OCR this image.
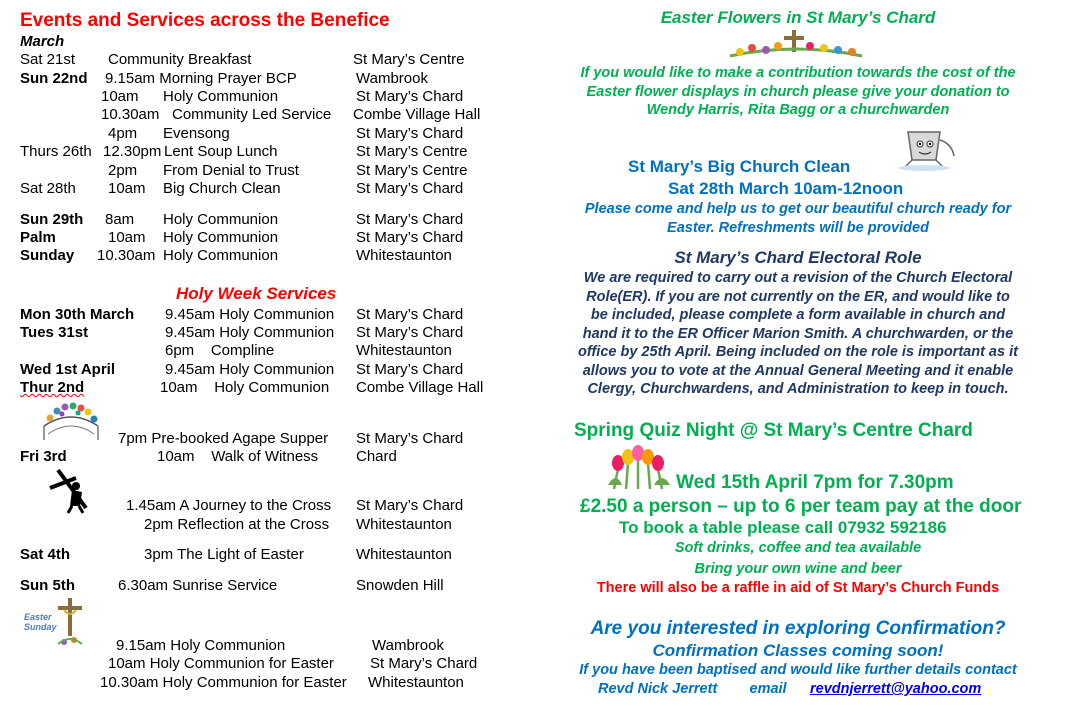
Events and Services across the Benefice
March
Sat 21st Community Breakfast	St Mary’s Centre
Sun 22nd 9.15am Morning Prayer BCP	Wambrook
10am Holy Communion	St Mary’s Chard
10.30am Community Led Service Combe Village Hall
4pm Evensong	St Mary’s Chard
Thurs 26th 12.30pm Lent Soup Lunch	St Mary’s Centre
2pm From Denial to Trust	St Mary’s Centre
Sat 28th 10am Big Church Clean	St Mary’s Chard
Sun 29th 8am Holy Communion	St Mary’s Chard
Palm	10am Holy Communion	St Mary’s Chard
Sunday 10.30am Holy Communion	Whitestaunton
Holy Week Services
Mon 30th March 9.45am Holy Communion St Mary’s Chard
Tues 31st	9.45am Holy Communion St Mary’s Chard
6pm    Compline	Whitestaunton
Wed 1st April	9.45am Holy Communion St Mary’s Chard
Thur 2nd	10am    Holy Communion Combe Village Hall
7pm Pre-booked Agape Supper St Mary’s Chard
Fri 3rd	10am    Walk of Witness	Chard
1.45am A Journey to the Cross St Mary’s Chard
2pm Reflection at the Cross Whitestaunton
Sat 4th	3pm The Light of Easter	Whitestaunton
Sun 5th	6.30am Sunrise Service	Snowden Hill
Easter Sunday
9.15am Holy Communion	Wambrook
10am Holy Communion for Easter St Mary’s Chard
10.30am Holy Communion for Easter Whitestaunton
Easter Flowers in St Mary’s Chard
If you would like to make a contribution towards the cost of the
Easter flower displays in church please give your donation to
Wendy Harris, Rita Bagg or a churchwarden
St Mary’s Big Church Clean
Sat 28th March 10am-12noon
Please come and help us to get our beautiful church ready for
Easter. Refreshments will be provided
St Mary’s Chard Electoral Role
We are required to carry out a revision of the Church Electoral
Role(ER). If you are not currently on the ER, and would like to
be included, please complete a form available in church and
hand it to the ER Officer Marion Smith. A churchwarden, or the
office by 25th April. Being included on the role is important as it
allows you to vote at the Annual General Meeting and it enable
Clergy, Churchwardens, and Administration to keep in touch.
Spring Quiz Night @ St Mary’s Centre Chard
Wed 15th April 7pm for 7.30pm
£2.50 a person – up to 6 per team pay at the door
To book a table please call 07932 592186
Soft drinks, coffee and tea available
Bring your own wine and beer
There will also be a raffle in aid of St Mary’s Church Funds
Are you interested in exploring Confirmation?
Confirmation Classes coming soon!
If you have been baptised and would like further details contact
Revd Nick Jerrett        email revdnjerrett@yahoo.com
